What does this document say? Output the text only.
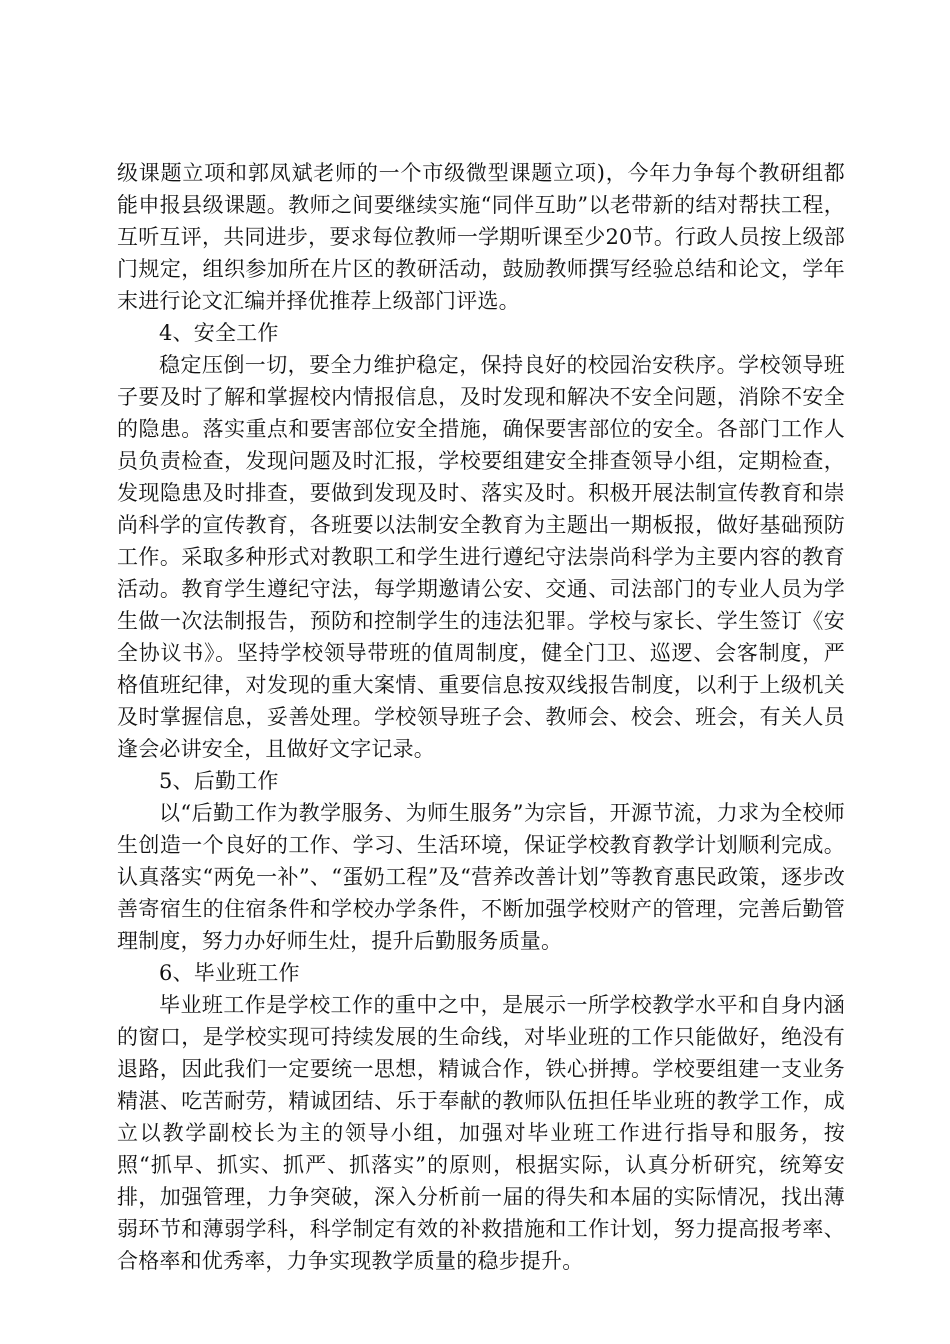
级课题立项和郭凤斌老师的一个市级微型课题立项)，今年力争每个教研组都能申报县级课题。教师之间要继续实施“同伴互助”以老带新的结对帮扶工程，互听互评，共同进步，要求每位教师一学期听课至少20节。行政人员按上级部门规定，组织参加所在片区的教研活动，鼓励教师撰写经验总结和论文，学年末进行论文汇编并择优推荐上级部门评选。

4、安全工作

稳定压倒一切，要全力维护稳定，保持良好的校园治安秩序。学校领导班子要及时了解和掌握校内情报信息，及时发现和解决不安全问题，消除不安全的隐患。落实重点和要害部位安全措施，确保要害部位的安全。各部门工作人员负责检查，发现问题及时汇报，学校要组建安全排查领导小组，定期检查，发现隐患及时排查，要做到发现及时、落实及时。积极开展法制宣传教育和崇尚科学的宣传教育，各班要以法制安全教育为主题出一期板报，做好基础预防工作。采取多种形式对教职工和学生进行遵纪守法崇尚科学为主要内容的教育活动。教育学生遵纪守法，每学期邀请公安、交通、司法部门的专业人员为学生做一次法制报告，预防和控制学生的违法犯罪。学校与家长、学生签订《安全协议书》。坚持学校领导带班的值周制度，健全门卫、巡逻、会客制度，严格值班纪律，对发现的重大案情、重要信息按双线报告制度，以利于上级机关及时掌握信息，妥善处理。学校领导班子会、教师会、校会、班会，有关人员逢会必讲安全，且做好文字记录。

5、后勤工作

以“后勤工作为教学服务、为师生服务”为宗旨，开源节流，力求为全校师生创造一个良好的工作、学习、生活环境，保证学校教育教学计划顺利完成。认真落实“两免一补”、“蛋奶工程”及“营养改善计划”等教育惠民政策，逐步改善寄宿生的住宿条件和学校办学条件，不断加强学校财产的管理，完善后勤管理制度，努力办好师生灶，提升后勤服务质量。

6、毕业班工作

毕业班工作是学校工作的重中之中，是展示一所学校教学水平和自身内涵的窗口，是学校实现可持续发展的生命线，对毕业班的工作只能做好，绝没有退路，因此我们一定要统一思想，精诚合作，铁心拼搏。学校要组建一支业务精湛、吃苦耐劳，精诚团结、乐于奉献的教师队伍担任毕业班的教学工作，成立以教学副校长为主的领导小组，加强对毕业班工作进行指导和服务，按照“抓早、抓实、抓严、抓落实”的原则，根据实际，认真分析研究，统筹安排，加强管理，力争突破，深入分析前一届的得失和本届的实际情况，找出薄弱环节和薄弱学科，科学制定有效的补救措施和工作计划，努力提高报考率、合格率和优秀率，力争实现教学质量的稳步提升。
